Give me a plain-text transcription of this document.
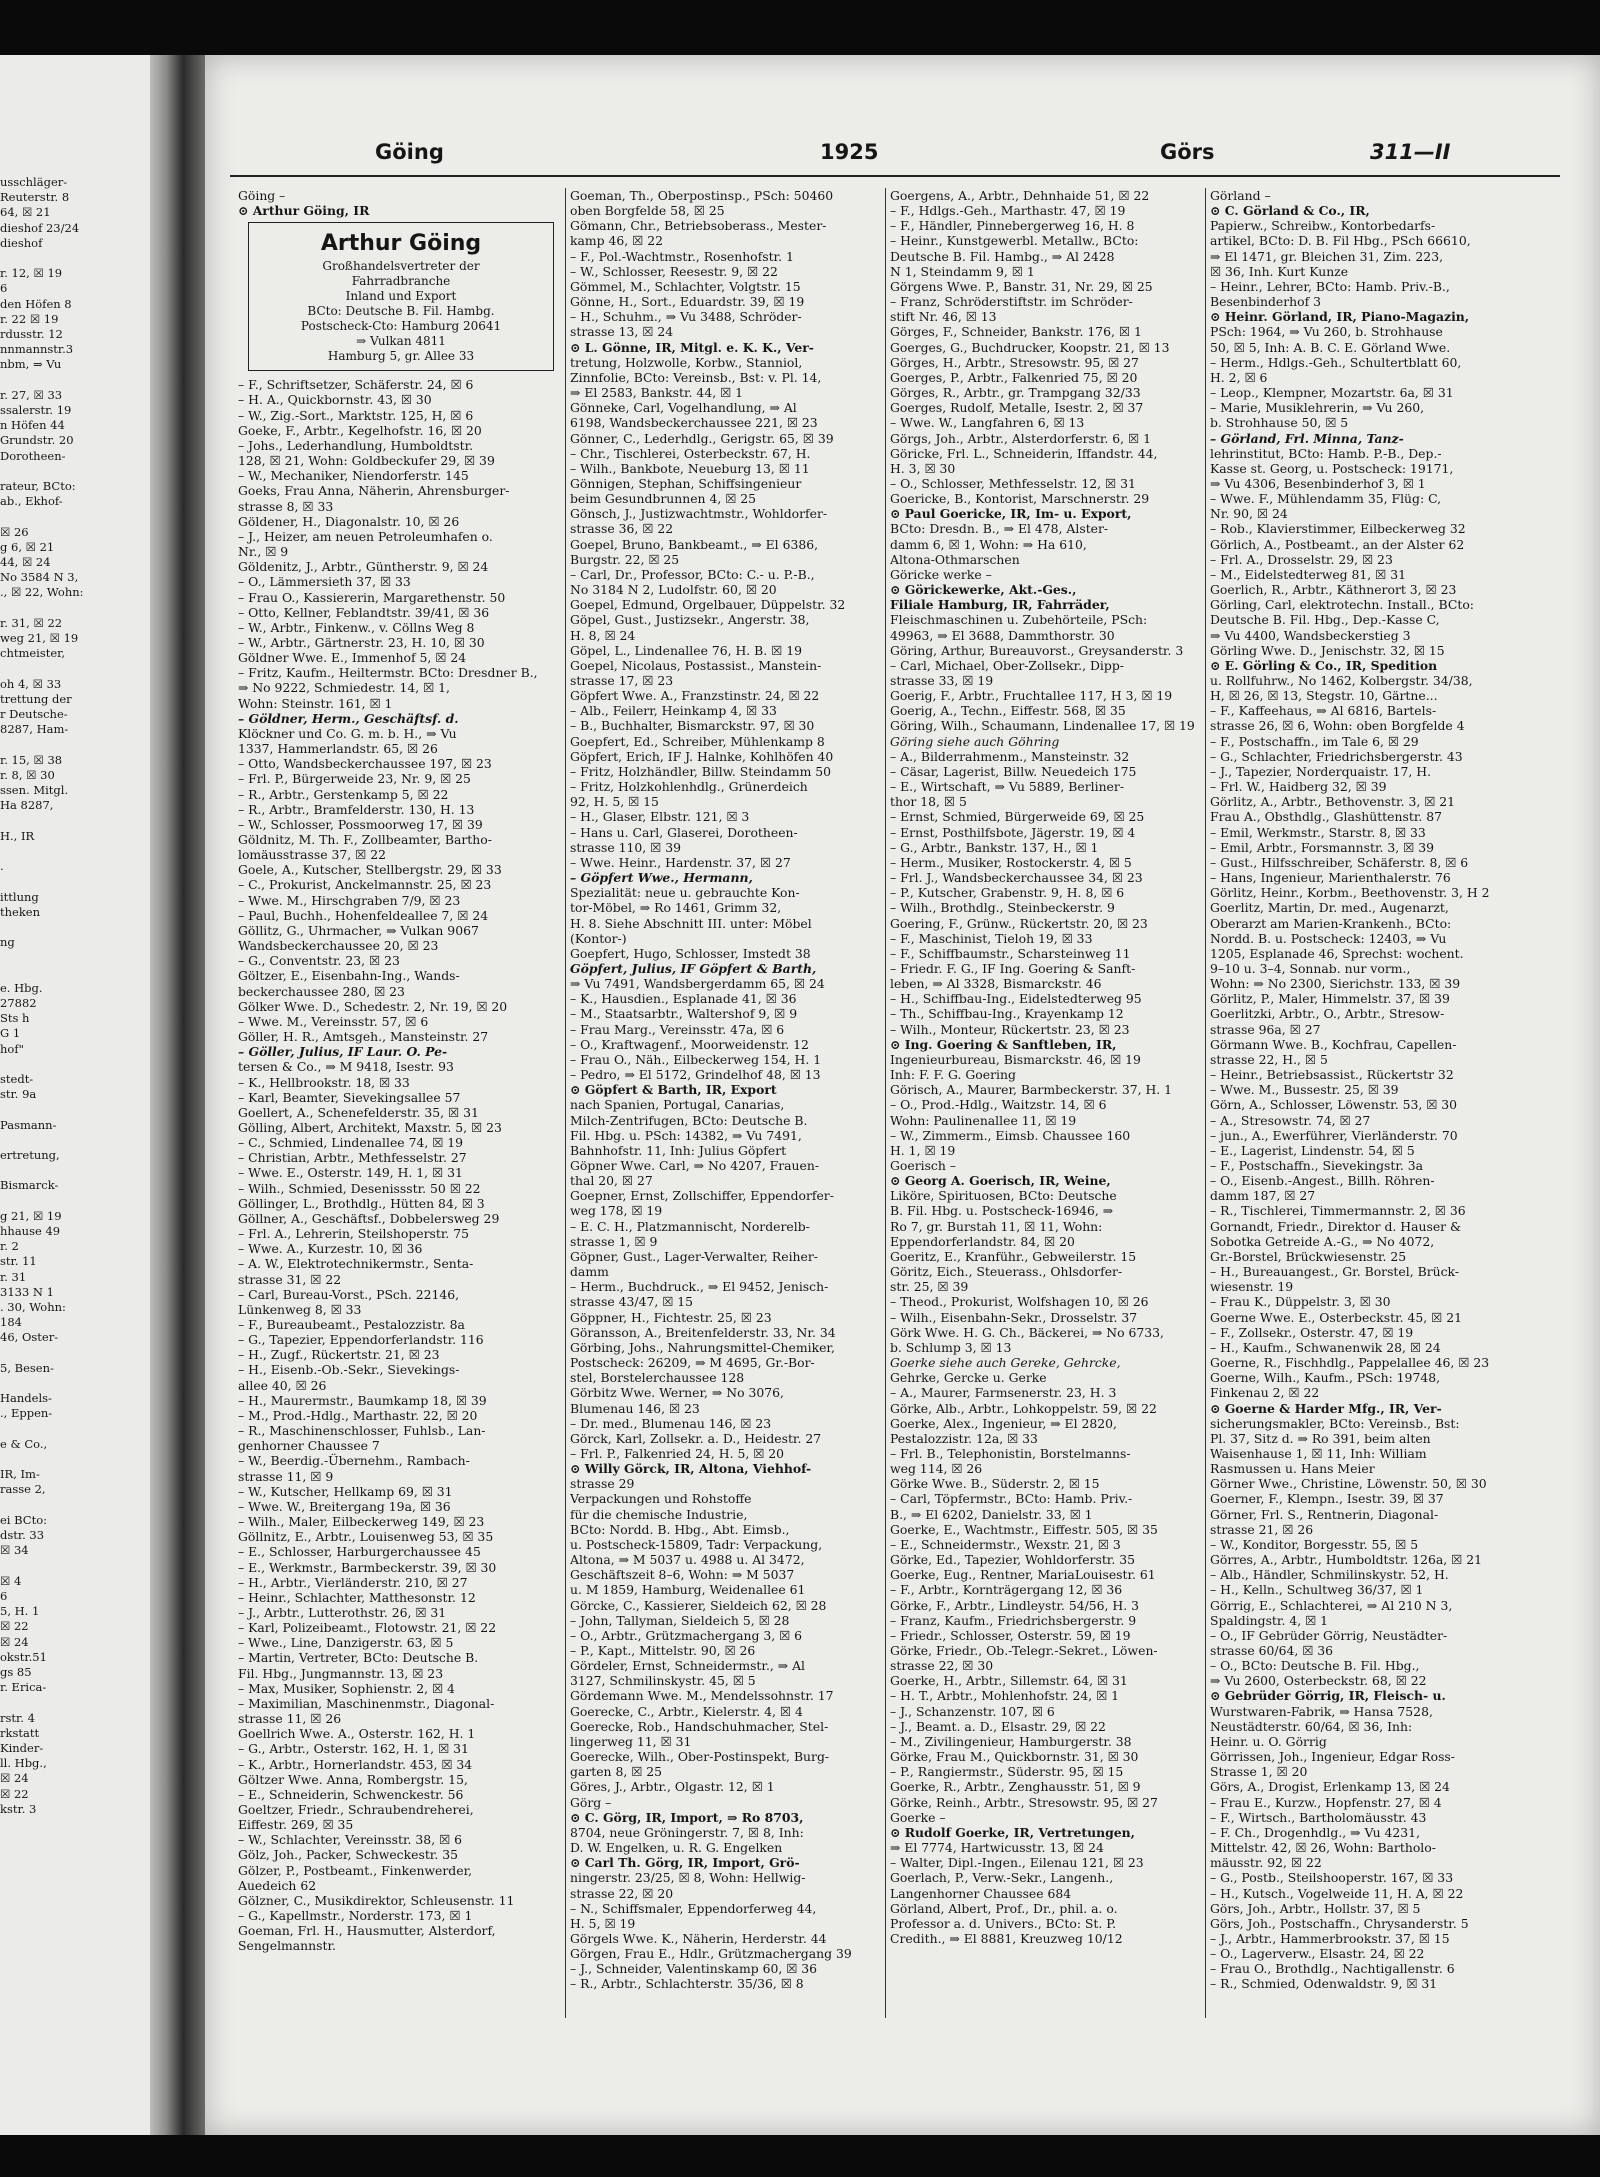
usschläger-
Reuterstr. 8
64, ☒ 21
dieshof 23/24
dieshof

r. 12, ☒ 19
6
den Höfen 8
r. 22 ☒ 19
rdusstr. 12
nnmannstr.3
nbm, ⇒ Vu

r. 27, ☒ 33
ssalerstr. 19
n Höfen 44
Grundstr. 20
Dorotheen-

rateur, BCto:
ab., Ekhof-

☒ 26
g 6, ☒ 21
44, ☒ 24
No 3584 N 3,
., ☒ 22, Wohn:

r. 31, ☒ 22
weg 21, ☒ 19
chtmeister,

oh 4, ☒ 33
trettung der
r Deutsche-
8287, Ham-

r. 15, ☒ 38
r. 8, ☒ 30
ssen. Mitgl.
Ha 8287,

H., IR

.

ittlung
theken

ng

e. Hbg.
27882
Sts h
G 1
hof"

stedt-
str. 9a

Pasmann-

ertretung,

Bismarck-

g 21, ☒ 19
hhause 49
r. 2
str. 11
r. 31
3133 N 1
. 30, Wohn:
184
46, Oster-

5, Besen-

Handels-
., Eppen-

e & Co.,

IR, Im-
rasse 2,

ei BCto:
dstr. 33
☒ 34

☒ 4
6
5, H. 1
☒ 22
☒ 24
okstr.51
gs 85
r. Erica-

rstr. 4
rkstatt
Kinder-
ll. Hbg.,
☒ 24
☒ 22
kstr. 3
Göing	1925	Görs	311—II
Göing –
⊙ Arthur Göing, IR
Arthur Göing
Großhandelsvertreter der
Fahrradbranche
Inland und Export
BCto: Deutsche B. Fil. Hambg.
Postscheck-Cto: Hamburg 20641
⇒ Vulkan 4811
Hamburg 5, gr. Allee 33
– F., Schriftsetzer, Schäferstr. 24, ☒ 6
– H. A., Quickbornstr. 43, ☒ 30
– W., Zig.-Sort., Marktstr. 125, H, ☒ 6
Goeke, F., Arbtr., Kegelhofstr. 16, ☒ 20
– Johs., Lederhandlung, Humboldtstr.
128, ☒ 21, Wohn: Goldbeckufer 29, ☒ 39
– W., Mechaniker, Niendorferstr. 145
Goeks, Frau Anna, Näherin, Ahrensburger-
strasse 8, ☒ 33
Göldener, H., Diagonalstr. 10, ☒ 26
– J., Heizer, am neuen Petroleumhafen o.
Nr., ☒ 9
Göldenitz, J., Arbtr., Güntherstr. 9, ☒ 24
– O., Lämmersieth 37, ☒ 33
– Frau O., Kassiererin, Margarethenstr. 50
– Otto, Kellner, Feblandtstr. 39/41, ☒ 36
– W., Arbtr., Finkenw., v. Cöllns Weg 8
– W., Arbtr., Gärtnerstr. 23, H. 10, ☒ 30
Göldner Wwe. E., Immenhof 5, ☒ 24
– Fritz, Kaufm., Heiltermstr. BCto: Dresdner B.,
⇒ No 9222, Schmiedestr. 14, ☒ 1,
Wohn: Steinstr. 161, ☒ 1
– Göldner, Herm., Geschäftsf. d.
Klöckner und Co. G. m. b. H., ⇒ Vu
1337, Hammerlandstr. 65, ☒ 26
– Otto, Wandsbeckerchaussee 197, ☒ 23
– Frl. P., Bürgerweide 23, Nr. 9, ☒ 25
– R., Arbtr., Gerstenkamp 5, ☒ 22
– R., Arbtr., Bramfelderstr. 130, H. 13
– W., Schlosser, Possmoorweg 17, ☒ 39
Göldnitz, M. Th. F., Zollbeamter, Bartho-
lomäusstrasse 37, ☒ 22
Goele, A., Kutscher, Stellbergstr. 29, ☒ 33
– C., Prokurist, Anckelmannstr. 25, ☒ 23
– Wwe. M., Hirschgraben 7/9, ☒ 23
– Paul, Buchh., Hohenfeldeallee 7, ☒ 24
Göllitz, G., Uhrmacher, ⇒ Vulkan 9067
Wandsbeckerchaussee 20, ☒ 23
– G., Conventstr. 23, ☒ 23
Göltzer, E., Eisenbahn-Ing., Wands-
beckerchaussee 280, ☒ 23
Gölker Wwe. D., Schedestr. 2, Nr. 19, ☒ 20
– Wwe. M., Vereinsstr. 57, ☒ 6
Göller, H. R., Amtsgeh., Mansteinstr. 27
– Göller, Julius, IF Laur. O. Pe-
tersen & Co., ⇒ M 9418, Isestr. 93
– K., Hellbrookstr. 18, ☒ 33
– Karl, Beamter, Sievekingsallee 57
Goellert, A., Schenefelderstr. 35, ☒ 31
Gölling, Albert, Architekt, Maxstr. 5, ☒ 23
– C., Schmied, Lindenallee 74, ☒ 19
– Christian, Arbtr., Methfesselstr. 27
– Wwe. E., Osterstr. 149, H. 1, ☒ 31
– Wilh., Schmied, Desenissstr. 50 ☒ 22
Göllinger, L., Brothdlg., Hütten 84, ☒ 3
Göllner, A., Geschäftsf., Dobbelersweg 29
– Frl. A., Lehrerin, Steilshoperstr. 75
– Wwe. A., Kurzestr. 10, ☒ 36
– A. W., Elektrotechnikermstr., Senta-
strasse 31, ☒ 22
– Carl, Bureau-Vorst., PSch. 22146,
Lünkenweg 8, ☒ 33
– F., Bureaubeamt., Pestalozzistr. 8a
– G., Tapezier, Eppendorferlandstr. 116
– H., Zugf., Rückertstr. 21, ☒ 23
– H., Eisenb.-Ob.-Sekr., Sievekings-
allee 40, ☒ 26
– H., Maurermstr., Baumkamp 18, ☒ 39
– M., Prod.-Hdlg., Marthastr. 22, ☒ 20
– R., Maschinenschlosser, Fuhlsb., Lan-
genhorner Chaussee 7
– W., Beerdig.-Übernehm., Rambach-
strasse 11, ☒ 9
– W., Kutscher, Hellkamp 69, ☒ 31
– Wwe. W., Breitergang 19a, ☒ 36
– Wilh., Maler, Eilbeckerweg 149, ☒ 23
Göllnitz, E., Arbtr., Louisenweg 53, ☒ 35
– E., Schlosser, Harburgerchaussee 45
– E., Werkmstr., Barmbeckerstr. 39, ☒ 30
– H., Arbtr., Vierländerstr. 210, ☒ 27
– Heinr., Schlachter, Matthesonstr. 12
– J., Arbtr., Lutterothstr. 26, ☒ 31
– Karl, Polizeibeamt., Flotowstr. 21, ☒ 22
– Wwe., Line, Danzigerstr. 63, ☒ 5
– Martin, Vertreter, BCto: Deutsche B.
Fil. Hbg., Jungmannstr. 13, ☒ 23
– Max, Musiker, Sophienstr. 2, ☒ 4
– Maximilian, Maschinenmstr., Diagonal-
strasse 11, ☒ 26
Goellrich Wwe. A., Osterstr. 162, H. 1
– G., Arbtr., Osterstr. 162, H. 1, ☒ 31
– K., Arbtr., Hornerlandstr. 453, ☒ 34
Göltzer Wwe. Anna, Rombergstr. 15,
– E., Schneiderin, Schwenckestr. 56
Goeltzer, Friedr., Schraubendreherei,
Eiffestr. 269, ☒ 35
– W., Schlachter, Vereinsstr. 38, ☒ 6
Gölz, Joh., Packer, Schweckestr. 35
Gölzer, P., Postbeamt., Finkenwerder,
Auedeich 62
Gölzner, C., Musikdirektor, Schleusenstr. 11
– G., Kapellmstr., Norderstr. 173, ☒ 1
Goeman, Frl. H., Hausmutter, Alsterdorf,
Sengelmannstr.
Goeman, Th., Oberpostinsp., PSch: 50460
oben Borgfelde 58, ☒ 25
Gömann, Chr., Betriebsoberass., Mester-
kamp 46, ☒ 22
– F., Pol.-Wachtmstr., Rosenhofstr. 1
– W., Schlosser, Reesestr. 9, ☒ 22
Gömmel, M., Schlachter, Volgtstr. 15
Gönne, H., Sort., Eduardstr. 39, ☒ 19
– H., Schuhm., ⇒ Vu 3488, Schröder-
strasse 13, ☒ 24
⊙ L. Gönne, IR, Mitgl. e. K. K., Ver-
tretung, Holzwolle, Korbw., Stanniol,
Zinnfolie, BCto: Vereinsb., Bst: v. Pl. 14,
⇒ El 2583, Bankstr. 44, ☒ 1
Gönneke, Carl, Vogelhandlung, ⇒ Al
6198, Wandsbeckerchaussee 221, ☒ 23
Gönner, C., Lederhdlg., Gerigstr. 65, ☒ 39
– Chr., Tischlerei, Osterbeckstr. 67, H.
– Wilh., Bankbote, Neueburg 13, ☒ 11
Gönnigen, Stephan, Schiffsingenieur
beim Gesundbrunnen 4, ☒ 25
Gönsch, J., Justizwachtmstr., Wohldorfer-
strasse 36, ☒ 22
Goepel, Bruno, Bankbeamt., ⇒ El 6386,
Burgstr. 22, ☒ 25
– Carl, Dr., Professor, BCto: C.- u. P.-B.,
No 3184 N 2, Ludolfstr. 60, ☒ 20
Goepel, Edmund, Orgelbauer, Düppelstr. 32
Göpel, Gust., Justizsekr., Angerstr. 38,
H. 8, ☒ 24
Göpel, L., Lindenallee 76, H. B. ☒ 19
Goepel, Nicolaus, Postassist., Manstein-
strasse 17, ☒ 23
Göpfert Wwe. A., Franzstinstr. 24, ☒ 22
– Alb., Feilerr, Heinkamp 4, ☒ 33
– B., Buchhalter, Bismarckstr. 97, ☒ 30
Goepfert, Ed., Schreiber, Mühlenkamp 8
Göpfert, Erich, IF J. Halnke, Kohlhöfen 40
– Fritz, Holzhändler, Billw. Steindamm 50
– Fritz, Holzkohlenhdlg., Grünerdeich
92, H. 5, ☒ 15
– H., Glaser, Elbstr. 121, ☒ 3
– Hans u. Carl, Glaserei, Dorotheen-
strasse 110, ☒ 39
– Wwe. Heinr., Hardenstr. 37, ☒ 27
– Göpfert Wwe., Hermann,
Spezialität: neue u. gebrauchte Kon-
tor-Möbel, ⇒ Ro 1461, Grimm 32,
H. 8. Siehe Abschnitt III. unter: Möbel
(Kontor-)
Goepfert, Hugo, Schlosser, Imstedt 38
Göpfert, Julius, IF Göpfert & Barth,
⇒ Vu 7491, Wandsbergerdamm 65, ☒ 24
– K., Hausdien., Esplanade 41, ☒ 36
– M., Staatsarbtr., Waltershof 9, ☒ 9
– Frau Marg., Vereinsstr. 47a, ☒ 6
– O., Kraftwagenf., Moorweidenstr. 12
– Frau O., Näh., Eilbeckerweg 154, H. 1
– Pedro, ⇒ El 5172, Grindelhof 48, ☒ 13
⊙ Göpfert & Barth, IR, Export
nach Spanien, Portugal, Canarias,
Milch-Zentrifugen, BCto: Deutsche B.
Fil. Hbg. u. PSch: 14382, ⇒ Vu 7491,
Bahnhofstr. 11, Inh: Julius Göpfert
Göpner Wwe. Carl, ⇒ No 4207, Frauen-
thal 20, ☒ 27
Goepner, Ernst, Zollschiffer, Eppendorfer-
weg 178, ☒ 19
– E. C. H., Platzmannischt, Norderelb-
strasse 1, ☒ 9
Göpner, Gust., Lager-Verwalter, Reiher-
damm
– Herm., Buchdruck., ⇒ El 9452, Jenisch-
strasse 43/47, ☒ 15
Göppner, H., Fichtestr. 25, ☒ 23
Göransson, A., Breitenfelderstr. 33, Nr. 34
Görbing, Johs., Nahrungsmittel-Chemiker,
Postscheck: 26209, ⇒ M 4695, Gr.-Bor-
stel, Borstelerchaussee 128
Görbitz Wwe. Werner, ⇒ No 3076,
Blumenau 146, ☒ 23
– Dr. med., Blumenau 146, ☒ 23
Görck, Karl, Zollsekr. a. D., Heidestr. 27
– Frl. P., Falkenried 24, H. 5, ☒ 20
⊙ Willy Görck, IR, Altona, Viehhof-
strasse 29
Verpackungen und Rohstoffe
für die chemische Industrie,
BCto: Nordd. B. Hbg., Abt. Eimsb.,
u. Postscheck-15809, Tadr: Verpackung,
Altona, ⇒ M 5037 u. 4988 u. Al 3472,
Geschäftszeit 8–6, Wohn: ⇒ M 5037
u. M 1859, Hamburg, Weidenallee 61
Görcke, C., Kassierer, Sieldeich 62, ☒ 28
– John, Tallyman, Sieldeich 5, ☒ 28
– O., Arbtr., Grützmachergang 3, ☒ 6
– P., Kapt., Mittelstr. 90, ☒ 26
Gördeler, Ernst, Schneidermstr., ⇒ Al
3127, Schmilinskystr. 45, ☒ 5
Gördemann Wwe. M., Mendelssohnstr. 17
Goerecke, C., Arbtr., Kielerstr. 4, ☒ 4
Goerecke, Rob., Handschuhmacher, Stel-
lingerweg 11, ☒ 31
Goerecke, Wilh., Ober-Postinspekt, Burg-
garten 8, ☒ 25
Göres, J., Arbtr., Olgastr. 12, ☒ 1
Görg –
⊙ C. Görg, IR, Import, ⇒ Ro 8703,
8704, neue Gröningerstr. 7, ☒ 8, Inh:
D. W. Engelken, u. R. G. Engelken
⊙ Carl Th. Görg, IR, Import, Grö-
ningerstr. 23/25, ☒ 8, Wohn: Hellwig-
strasse 22, ☒ 20
– N., Schiffsmaler, Eppendorferweg 44,
H. 5, ☒ 19
Görgels Wwe. K., Näherin, Herderstr. 44
Görgen, Frau E., Hdlr., Grützmachergang 39
– J., Schneider, Valentinskamp 60, ☒ 36
– R., Arbtr., Schlachterstr. 35/36, ☒ 8
Goergens, A., Arbtr., Dehnhaide 51, ☒ 22
– F., Hdlgs.-Geh., Marthastr. 47, ☒ 19
– F., Händler, Pinnebergerweg 16, H. 8
– Heinr., Kunstgewerbl. Metallw., BCto:
Deutsche B. Fil. Hambg., ⇒ Al 2428
N 1, Steindamm 9, ☒ 1
Görgens Wwe. P., Banstr. 31, Nr. 29, ☒ 25
– Franz, Schröderstiftstr. im Schröder-
stift Nr. 46, ☒ 13
Görges, F., Schneider, Bankstr. 176, ☒ 1
Goerges, G., Buchdrucker, Koopstr. 21, ☒ 13
Görges, H., Arbtr., Stresowstr. 95, ☒ 27
Goerges, P., Arbtr., Falkenried 75, ☒ 20
Görges, R., Arbtr., gr. Trampgang 32/33
Goerges, Rudolf, Metalle, Isestr. 2, ☒ 37
– Wwe. W., Langfahren 6, ☒ 13
Görgs, Joh., Arbtr., Alsterdorferstr. 6, ☒ 1
Göricke, Frl. L., Schneiderin, Iffandstr. 44,
H. 3, ☒ 30
– O., Schlosser, Methfesselstr. 12, ☒ 31
Goericke, B., Kontorist, Marschnerstr. 29
⊙ Paul Goericke, IR, Im- u. Export,
BCto: Dresdn. B., ⇒ El 478, Alster-
damm 6, ☒ 1, Wohn: ⇒ Ha 610,
Altona-Othmarschen
Göricke werke –
⊙ Görickewerke, Akt.-Ges.,
Filiale Hamburg, IR, Fahrräder,
Fleischmaschinen u. Zubehörteile, PSch:
49963, ⇒ El 3688, Dammthorstr. 30
Göring, Arthur, Bureauvorst., Greysanderstr. 3
– Carl, Michael, Ober-Zollsekr., Dipp-
strasse 33, ☒ 19
Goerig, F., Arbtr., Fruchtallee 117, H 3, ☒ 19
Goerig, A., Techn., Eiffestr. 568, ☒ 35
Göring, Wilh., Schaumann, Lindenallee 17, ☒ 19
Göring siehe auch Göhring
– A., Bilderrahmenm., Mansteinstr. 32
– Cäsar, Lagerist, Billw. Neuedeich 175
– E., Wirtschaft, ⇒ Vu 5889, Berliner-
thor 18, ☒ 5
– Ernst, Schmied, Bürgerweide 69, ☒ 25
– Ernst, Posthilfsbote, Jägerstr. 19, ☒ 4
– G., Arbtr., Bankstr. 137, H., ☒ 1
– Herm., Musiker, Rostockerstr. 4, ☒ 5
– Frl. J., Wandsbeckerchaussee 34, ☒ 23
– P., Kutscher, Grabenstr. 9, H. 8, ☒ 6
– Wilh., Brothdlg., Steinbeckerstr. 9
Goering, F., Grünw., Rückertstr. 20, ☒ 23
– F., Maschinist, Tieloh 19, ☒ 33
– F., Schiffbaumstr., Scharsteinweg 11
– Friedr. F. G., IF Ing. Goering & Sanft-
leben, ⇒ Al 3328, Bismarckstr. 46
– H., Schiffbau-Ing., Eidelstedterweg 95
– Th., Schiffbau-Ing., Krayenkamp 12
– Wilh., Monteur, Rückertstr. 23, ☒ 23
⊙ Ing. Goering & Sanftleben, IR,
Ingenieurbureau, Bismarckstr. 46, ☒ 19
Inh: F. F. G. Goering
Görisch, A., Maurer, Barmbeckerstr. 37, H. 1
– O., Prod.-Hdlg., Waitzstr. 14, ☒ 6
Wohn: Paulinenallee 11, ☒ 19
– W., Zimmerm., Eimsb. Chaussee 160
H. 1, ☒ 19
Goerisch –
⊙ Georg A. Goerisch, IR, Weine,
Liköre, Spirituosen, BCto: Deutsche
B. Fil. Hbg. u. Postscheck-16946, ⇒
Ro 7, gr. Burstah 11, ☒ 11, Wohn:
Eppendorferlandstr. 84, ☒ 20
Goeritz, E., Kranführ., Gebweilerstr. 15
Göritz, Eich., Steuerass., Ohlsdorfer-
str. 25, ☒ 39
– Theod., Prokurist, Wolfshagen 10, ☒ 26
– Wilh., Eisenbahn-Sekr., Drosselstr. 37
Görk Wwe. H. G. Ch., Bäckerei, ⇒ No 6733,
b. Schlump 3, ☒ 13
Goerke siehe auch Gereke, Gehrcke,
Gehrke, Gercke u. Gerke
– A., Maurer, Farmsenerstr. 23, H. 3
Görke, Alb., Arbtr., Lohkoppelstr. 59, ☒ 22
Goerke, Alex., Ingenieur, ⇒ El 2820,
Pestalozzistr. 12a, ☒ 33
– Frl. B., Telephonistin, Borstelmanns-
weg 114, ☒ 26
Görke Wwe. B., Süderstr. 2, ☒ 15
– Carl, Töpfermstr., BCto: Hamb. Priv.-
B., ⇒ El 6202, Danielstr. 33, ☒ 1
Goerke, E., Wachtmstr., Eiffestr. 505, ☒ 35
– E., Schneidermstr., Wexstr. 21, ☒ 3
Görke, Ed., Tapezier, Wohldorferstr. 35
Goerke, Eug., Rentner, MariaLouisestr. 61
– F., Arbtr., Kornträgergang 12, ☒ 36
Görke, F., Arbtr., Lindleystr. 54/56, H. 3
– Franz, Kaufm., Friedrichsbergerstr. 9
– Friedr., Schlosser, Osterstr. 59, ☒ 19
Görke, Friedr., Ob.-Telegr.-Sekret., Löwen-
strasse 22, ☒ 30
Goerke, H., Arbtr., Sillemstr. 64, ☒ 31
– H. T., Arbtr., Mohlenhofstr. 24, ☒ 1
– J., Schanzenstr. 107, ☒ 6
– J., Beamt. a. D., Elsastr. 29, ☒ 22
– M., Zivilingenieur, Hamburgerstr. 38
Görke, Frau M., Quickbornstr. 31, ☒ 30
– P., Rangiermstr., Süderstr. 95, ☒ 15
Goerke, R., Arbtr., Zenghausstr. 51, ☒ 9
Görke, Reinh., Arbtr., Stresowstr. 95, ☒ 27
Goerke –
⊙ Rudolf Goerke, IR, Vertretungen,
⇒ El 7774, Hartwicusstr. 13, ☒ 24
– Walter, Dipl.-Ingen., Eilenau 121, ☒ 23
Goerlach, P., Verw.-Sekr., Langenh.,
Langenhorner Chaussee 684
Görland, Albert, Prof., Dr., phil. a. o.
Professor a. d. Univers., BCto: St. P.
Credith., ⇒ El 8881, Kreuzweg 10/12
Görland –
⊙ C. Görland & Co., IR,
Papierw., Schreibw., Kontorbedarfs-
artikel, BCto: D. B. Fil Hbg., PSch 66610,
⇒ El 1471, gr. Bleichen 31, Zim. 223,
☒ 36, Inh. Kurt Kunze
– Heinr., Lehrer, BCto: Hamb. Priv.-B.,
Besenbinderhof 3
⊙ Heinr. Görland, IR, Piano-Magazin,
PSch: 1964, ⇒ Vu 260, b. Strohhause
50, ☒ 5, Inh: A. B. C. E. Görland Wwe.
– Herm., Hdlgs.-Geh., Schultertblatt 60,
H. 2, ☒ 6
– Leop., Klempner, Mozartstr. 6a, ☒ 31
– Marie, Musiklehrerin, ⇒ Vu 260,
b. Strohhause 50, ☒ 5
– Görland, Frl. Minna, Tanz-
lehrinstitut, BCto: Hamb. P.-B., Dep.-
Kasse st. Georg, u. Postscheck: 19171,
⇒ Vu 4306, Besenbinderhof 3, ☒ 1
– Wwe. F., Mühlendamm 35, Flüg: C,
Nr. 90, ☒ 24
– Rob., Klavierstimmer, Eilbeckerweg 32
Görlich, A., Postbeamt., an der Alster 62
– Frl. A., Drosselstr. 29, ☒ 23
– M., Eidelstedterweg 81, ☒ 31
Goerlich, R., Arbtr., Käthnerort 3, ☒ 23
Görling, Carl, elektrotechn. Install., BCto:
Deutsche B. Fil. Hbg., Dep.-Kasse C,
⇒ Vu 4400, Wandsbeckerstieg 3
Görling Wwe. D., Jenischstr. 32, ☒ 15
⊙ E. Görling & Co., IR, Spedition
u. Rollfuhrw., No 1462, Kolbergstr. 34/38,
H, ☒ 26, ☒ 13, Stegstr. 10, Gärtne...
– F., Kaffeehaus, ⇒ Al 6816, Bartels-
strasse 26, ☒ 6, Wohn: oben Borgfelde 4
– F., Postschaffn., im Tale 6, ☒ 29
– G., Schlachter, Friedrichsbergerstr. 43
– J., Tapezier, Norderquaistr. 17, H.
– Frl. W., Haidberg 32, ☒ 39
Görlitz, A., Arbtr., Bethovenstr. 3, ☒ 21
Frau A., Obsthdlg., Glashüttenstr. 87
– Emil, Werkmstr., Starstr. 8, ☒ 33
– Emil, Arbtr., Forsmannstr. 3, ☒ 39
– Gust., Hilfsschreiber, Schäferstr. 8, ☒ 6
– Hans, Ingenieur, Marienthalerstr. 76
Görlitz, Heinr., Korbm., Beethovenstr. 3, H 2
Goerlitz, Martin, Dr. med., Augenarzt,
Oberarzt am Marien-Krankenh., BCto:
Nordd. B. u. Postscheck: 12403, ⇒ Vu
1205, Esplanade 46, Sprechst: wochent.
9–10 u. 3–4, Sonnab. nur vorm.,
Wohn: ⇒ No 2300, Sierichstr. 133, ☒ 39
Görlitz, P., Maler, Himmelstr. 37, ☒ 39
Goerlitzki, Arbtr., O., Arbtr., Stresow-
strasse 96a, ☒ 27
Görmann Wwe. B., Kochfrau, Capellen-
strasse 22, H., ☒ 5
– Heinr., Betriebsassist., Rückertstr 32
– Wwe. M., Bussestr. 25, ☒ 39
Görn, A., Schlosser, Löwenstr. 53, ☒ 30
– A., Stresowstr. 74, ☒ 27
– jun., A., Ewerführer, Vierländerstr. 70
– E., Lagerist, Lindenstr. 54, ☒ 5
– F., Postschaffn., Sievekingstr. 3a
– O., Eisenb.-Angest., Billh. Röhren-
damm 187, ☒ 27
– R., Tischlerei, Timmermannstr. 2, ☒ 36
Gornandt, Friedr., Direktor d. Hauser &
Sobotka Getreide A.-G., ⇒ No 4072,
Gr.-Borstel, Brückwiesenstr. 25
– H., Bureauangest., Gr. Borstel, Brück-
wiesenstr. 19
– Frau K., Düppelstr. 3, ☒ 30
Goerne Wwe. E., Osterbeckstr. 45, ☒ 21
– F., Zollsekr., Osterstr. 47, ☒ 19
– H., Kaufm., Schwanenwik 28, ☒ 24
Goerne, R., Fischhdlg., Pappelallee 46, ☒ 23
Goerne, Wilh., Kaufm., PSch: 19748,
Finkenau 2, ☒ 22
⊙ Goerne & Harder Mfg., IR, Ver-
sicherungsmakler, BCto: Vereinsb., Bst:
Pl. 37, Sitz d. ⇒ Ro 391, beim alten
Waisenhause 1, ☒ 11, Inh: William
Rasmussen u. Hans Meier
Görner Wwe., Christine, Löwenstr. 50, ☒ 30
Goerner, F., Klempn., Isestr. 39, ☒ 37
Görner, Frl. S., Rentnerin, Diagonal-
strasse 21, ☒ 26
– W., Konditor, Borgesstr. 55, ☒ 5
Görres, A., Arbtr., Humboldtstr. 126a, ☒ 21
– Alb., Händler, Schmilinskystr. 52, H.
– H., Kelln., Schultweg 36/37, ☒ 1
Görrig, E., Schlachterei, ⇒ Al 210 N 3,
Spaldingstr. 4, ☒ 1
– O., IF Gebrüder Görrig, Neustädter-
strasse 60/64, ☒ 36
– O., BCto: Deutsche B. Fil. Hbg.,
⇒ Vu 2600, Osterbeckstr. 68, ☒ 22
⊙ Gebrüder Görrig, IR, Fleisch- u.
Wurstwaren-Fabrik, ⇒ Hansa 7528,
Neustädterstr. 60/64, ☒ 36, Inh:
Heinr. u. O. Görrig
Görrissen, Joh., Ingenieur, Edgar Ross-
Strasse 1, ☒ 20
Görs, A., Drogist, Erlenkamp 13, ☒ 24
– Frau E., Kurzw., Hopfenstr. 27, ☒ 4
– F., Wirtsch., Bartholomäusstr. 43
– F. Ch., Drogenhdlg., ⇒ Vu 4231,
Mittelstr. 42, ☒ 26, Wohn: Bartholo-
mäusstr. 92, ☒ 22
– G., Postb., Steilshooperstr. 167, ☒ 33
– H., Kutsch., Vogelweide 11, H. A, ☒ 22
Görs, Joh., Arbtr., Hollstr. 37, ☒ 5
Görs, Joh., Postschaffn., Chrysanderstr. 5
– J., Arbtr., Hammerbrookstr. 37, ☒ 15
– O., Lagerverw., Elsastr. 24, ☒ 22
– Frau O., Brothdlg., Nachtigallenstr. 6
– R., Schmied, Odenwaldstr. 9, ☒ 31
